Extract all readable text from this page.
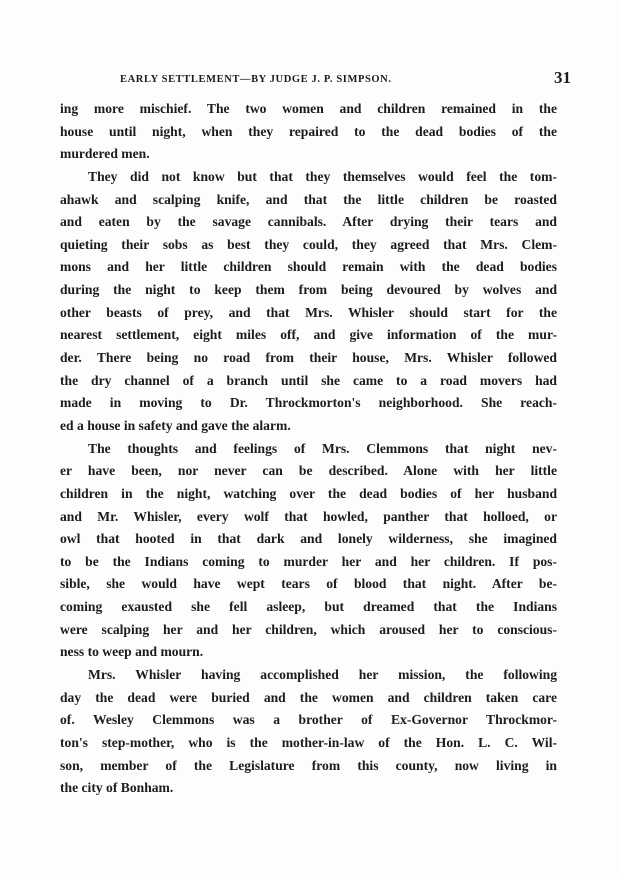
EARLY SETTLEMENT—BY JUDGE J. P. SIMPSON.	31
ing more mischief. The two women and children remained in the
house until night, when they repaired to the dead bodies of the
murdered men.
They did not know but that they themselves would feel the tom-
ahawk and scalping knife, and that the little children be roasted
and eaten by the savage cannibals. After drying their tears and
quieting their sobs as best they could, they agreed that Mrs. Clem-
mons and her little children should remain with the dead bodies
during the night to keep them from being devoured by wolves and
other beasts of prey, and that Mrs. Whisler should start for the
nearest settlement, eight miles off, and give information of the mur-
der. There being no road from their house, Mrs. Whisler followed
the dry channel of a branch until she came to a road movers had
made in moving to Dr. Throckmorton's neighborhood. She reach-
ed a house in safety and gave the alarm.
The thoughts and feelings of Mrs. Clemmons that night nev-
er have been, nor never can be described. Alone with her little
children in the night, watching over the dead bodies of her husband
and Mr. Whisler, every wolf that howled, panther that holloed, or
owl that hooted in that dark and lonely wilderness, she imagined
to be the Indians coming to murder her and her children. If pos-
sible, she would have wept tears of blood that night. After be-
coming exausted she fell asleep, but dreamed that the Indians
were scalping her and her children, which aroused her to conscious-
ness to weep and mourn.
Mrs. Whisler having accomplished her mission, the following
day the dead were buried and the women and children taken care
of. Wesley Clemmons was a brother of Ex-Governor Throckmor-
ton's step-mother, who is the mother-in-law of the Hon. L. C. Wil-
son, member of the Legislature from this county, now living in
the city of Bonham.
